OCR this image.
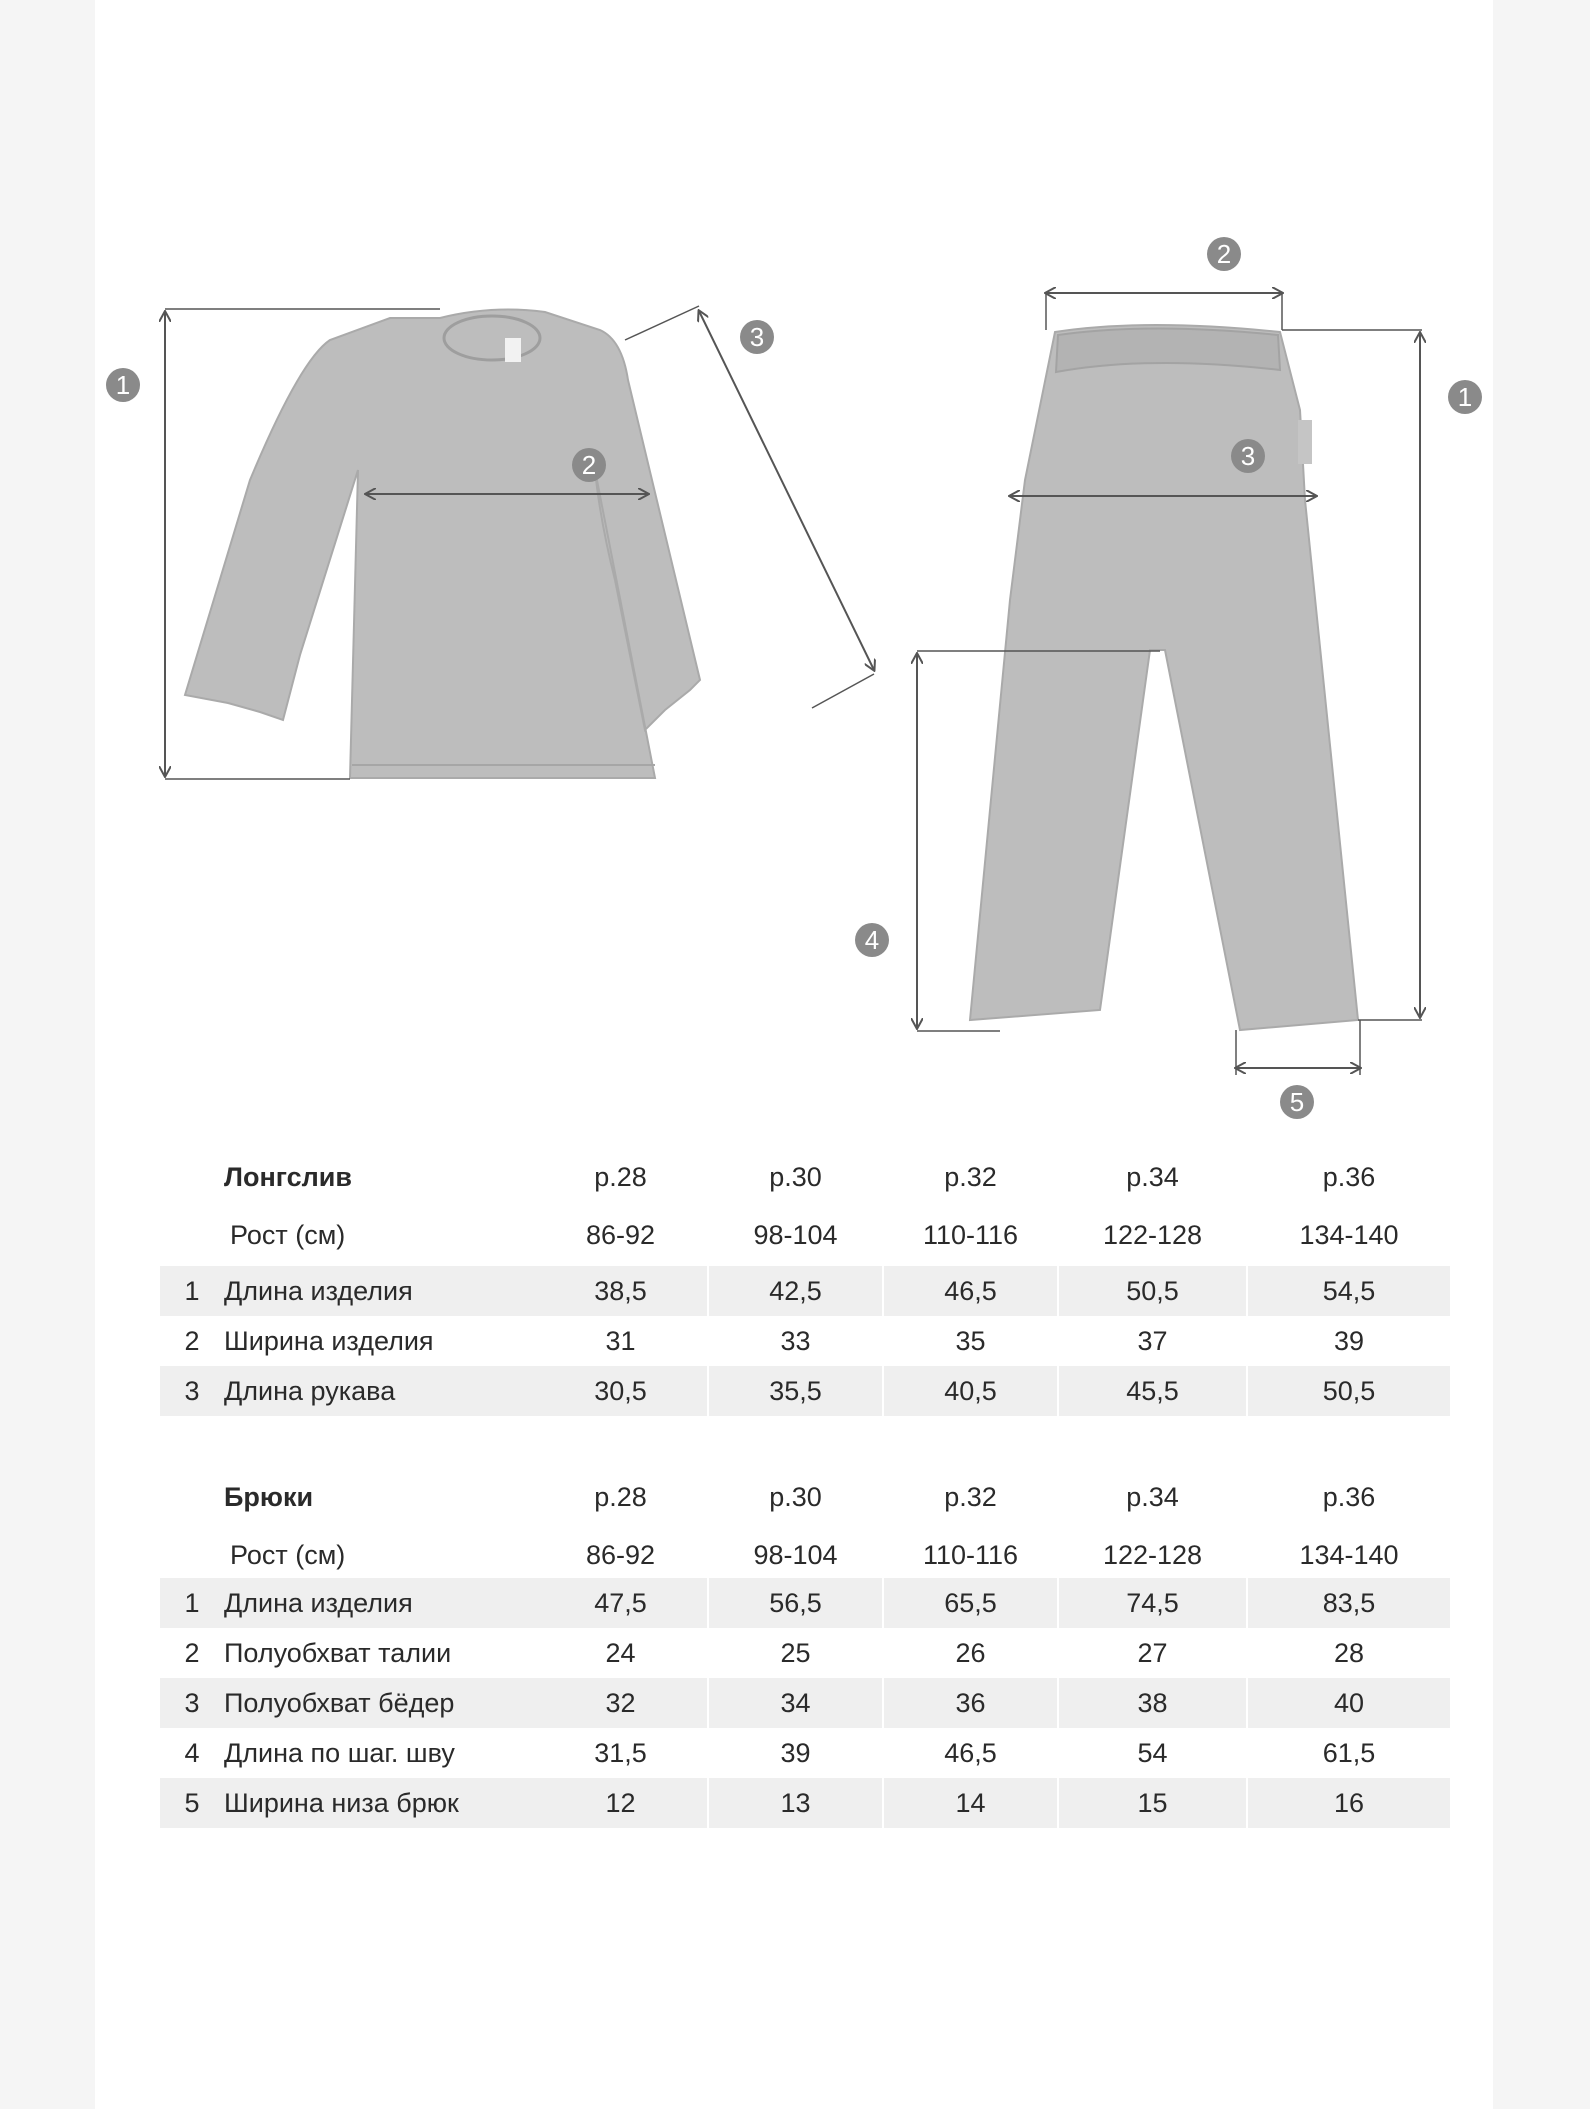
1
2
3
2
1
3
4
5
Лонгслив	р.28	р.30	р.32	р.34	р.36
Рост (см)	86-92	98-104	110-116	122-128	134-140
1 Длина изделия	38,5	42,5	46,5	50,5	54,5
2 Ширина изделия	31	33	35	37	39
3 Длина рукава	30,5	35,5	40,5	45,5	50,5
Брюки	р.28	р.30	р.32	р.34	р.36
Рост (см)	86-92	98-104	110-116	122-128	134-140
1 Длина изделия	47,5	56,5	65,5	74,5	83,5
2 Полуобхват талии	24	25	26	27	28
3 Полуобхват бёдер	32	34	36	38	40
4 Длина по шаг. шву	31,5	39	46,5	54	61,5
5 Ширина низа брюк	12	13	14	15	16
